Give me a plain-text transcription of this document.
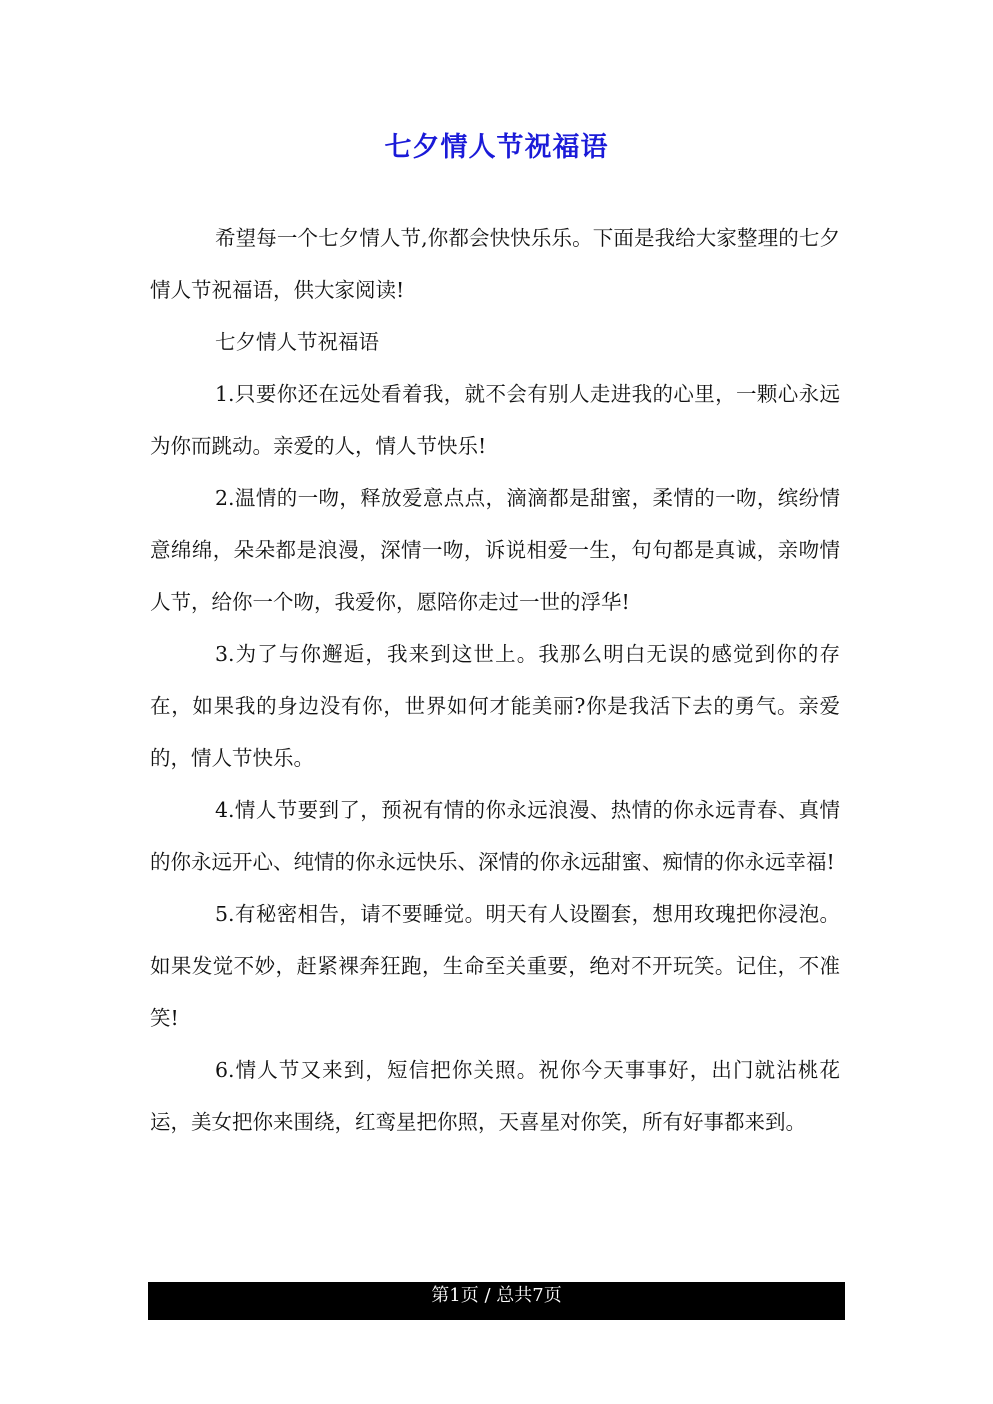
七夕情人节祝福语

希望每一个七夕情人节,你都会快快乐乐。下面是我给大家整理的七夕情人节祝福语，供大家阅读!

七夕情人节祝福语

1.只要你还在远处看着我，就不会有别人走进我的心里，一颗心永远为你而跳动。亲爱的人，情人节快乐!

2.温情的一吻，释放爱意点点，滴滴都是甜蜜，柔情的一吻，缤纷情意绵绵，朵朵都是浪漫，深情一吻，诉说相爱一生，句句都是真诚，亲吻情人节，给你一个吻，我爱你，愿陪你走过一世的浮华!

3.为了与你邂逅，我来到这世上。我那么明白无误的感觉到你的存在，如果我的身边没有你，世界如何才能美丽?你是我活下去的勇气。亲爱的，情人节快乐。

4.情人节要到了，预祝有情的你永远浪漫、热情的你永远青春、真情的你永远开心、纯情的你永远快乐、深情的你永远甜蜜、痴情的你永远幸福!

5.有秘密相告，请不要睡觉。明天有人设圈套，想用玫瑰把你浸泡。如果发觉不妙，赶紧裸奔狂跑，生命至关重要，绝对不开玩笑。记住，不准笑!

6.情人节又来到，短信把你关照。祝你今天事事好，出门就沾桃花运，美女把你来围绕，红鸾星把你照，天喜星对你笑，所有好事都来到。

第1页 / 总共7页
